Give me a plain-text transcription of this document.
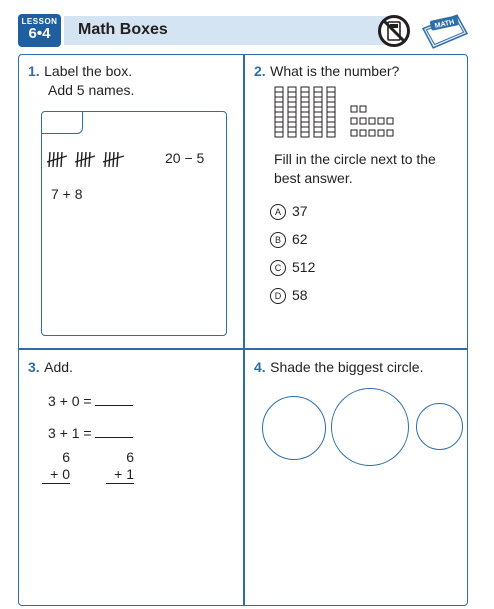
LESSON
6•4	Math Boxes	MATH
1. Label the box.
Add 5 names.
20 − 5
7 + 8
2. What is the number?
Fill in the circle next to the
best answer.
A 37
B 62
C 512
D 58
3. Add.
3 + 0 =
3 + 1 =
6
+ 0
6
+ 1
4. Shade the biggest circle.
